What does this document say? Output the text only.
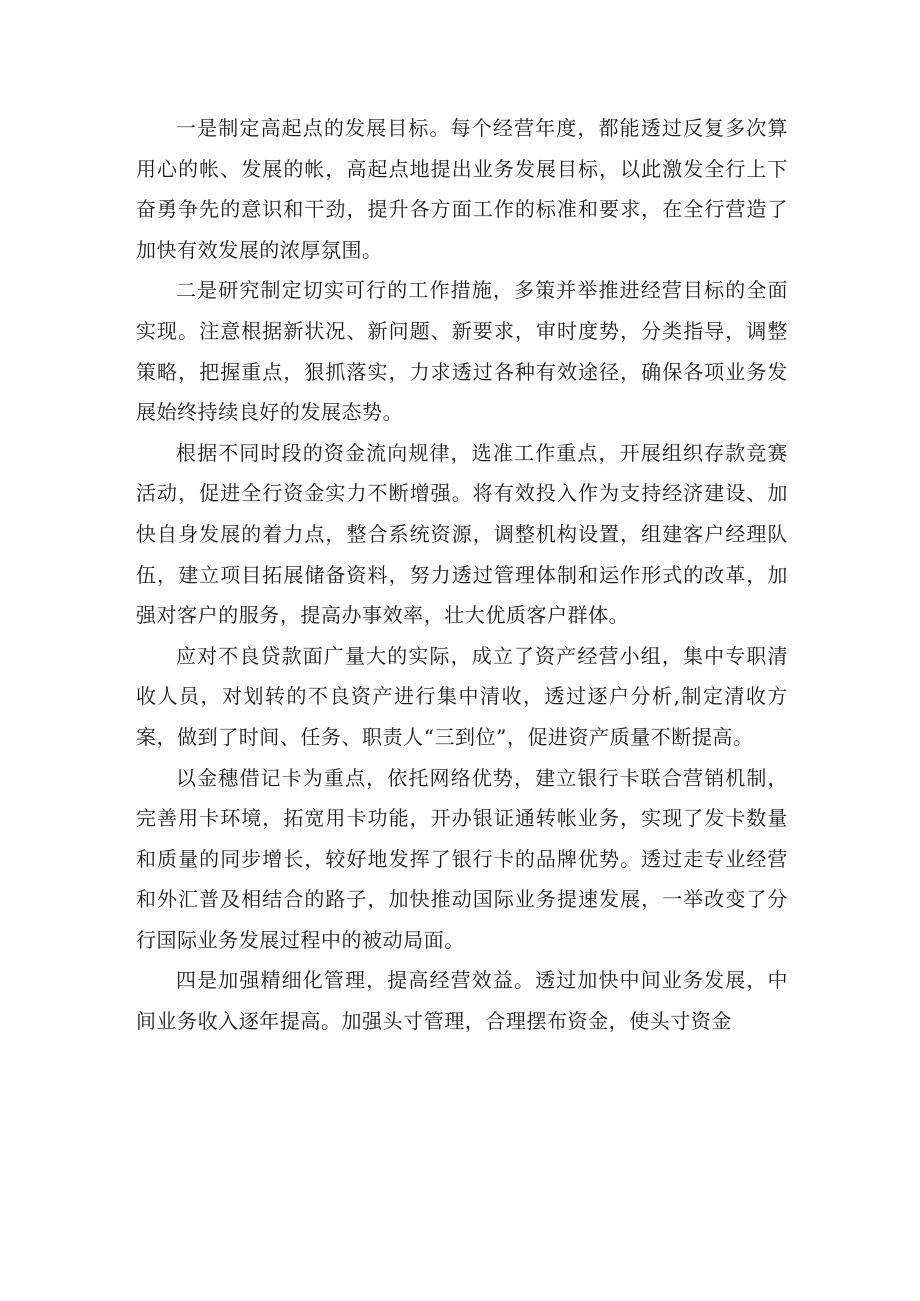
一是制定高起点的发展目标。每个经营年度，都能透过反复多次算用心的帐、发展的帐，高起点地提出业务发展目标，以此激发全行上下奋勇争先的意识和干劲，提升各方面工作的标准和要求，在全行营造了加快有效发展的浓厚氛围。

二是研究制定切实可行的工作措施，多策并举推进经营目标的全面实现。注意根据新状况、新问题、新要求，审时度势，分类指导，调整策略，把握重点，狠抓落实，力求透过各种有效途径，确保各项业务发展始终持续良好的发展态势。

根据不同时段的资金流向规律，选准工作重点，开展组织存款竞赛活动，促进全行资金实力不断增强。将有效投入作为支持经济建设、加快自身发展的着力点，整合系统资源，调整机构设置，组建客户经理队伍，建立项目拓展储备资料，努力透过管理体制和运作形式的改革，加强对客户的服务，提高办事效率，壮大优质客户群体。

应对不良贷款面广量大的实际，成立了资产经营小组，集中专职清收人员，对划转的不良资产进行集中清收，透过逐户分析,制定清收方案，做到了时间、任务、职责人“三到位”，促进资产质量不断提高。

以金穗借记卡为重点，依托网络优势，建立银行卡联合营销机制，完善用卡环境，拓宽用卡功能，开办银证通转帐业务，实现了发卡数量和质量的同步增长，较好地发挥了银行卡的品牌优势。透过走专业经营和外汇普及相结合的路子，加快推动国际业务提速发展，一举改变了分行国际业务发展过程中的被动局面。

四是加强精细化管理，提高经营效益。透过加快中间业务发展，中间业务收入逐年提高。加强头寸管理，合理摆布资金，使头寸资金
